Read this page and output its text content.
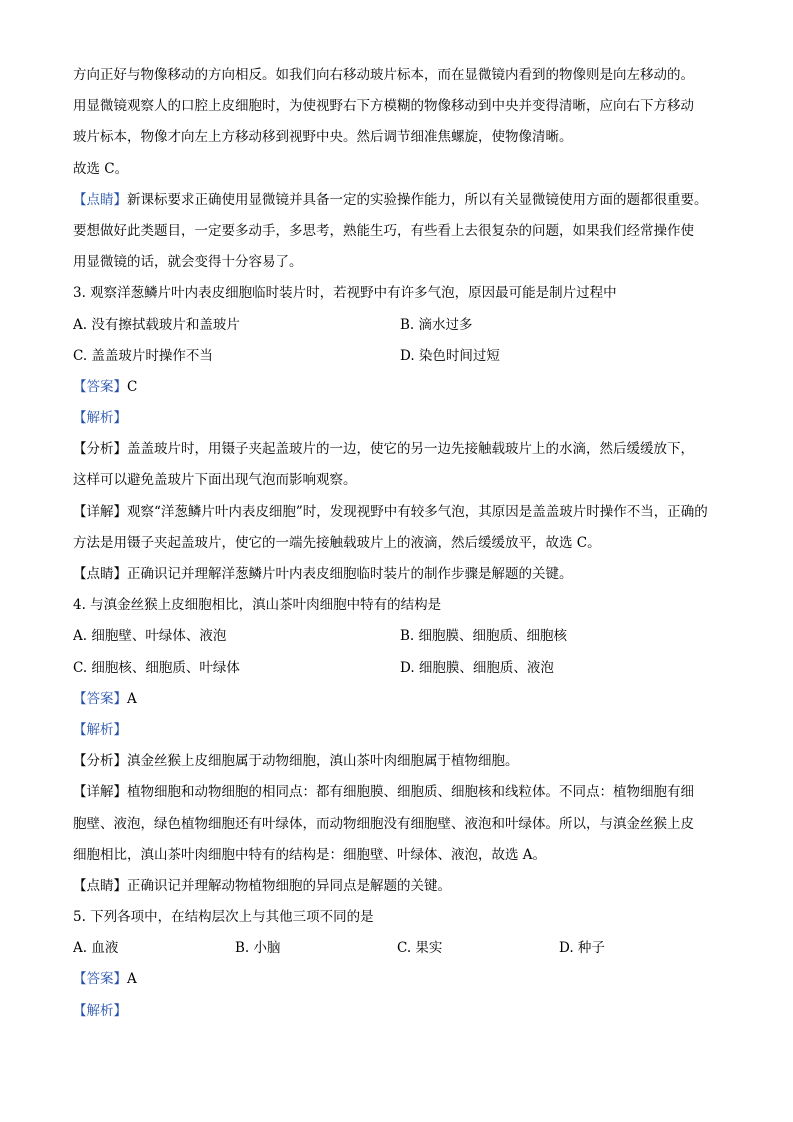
方向正好与物像移动的方向相反。如我们向右移动玻片标本，而在显微镜内看到的物像则是向左移动的。
用显微镜观察人的口腔上皮细胞时，为使视野右下方模糊的物像移动到中央并变得清晰，应向右下方移动
玻片标本，物像才向左上方移动移到视野中央。然后调节细准焦螺旋，使物像清晰。
故选 C。
【点睛】新课标要求正确使用显微镜并具备一定的实验操作能力，所以有关显微镜使用方面的题都很重要。
要想做好此类题目，一定要多动手，多思考，熟能生巧，有些看上去很复杂的问题，如果我们经常操作使
用显微镜的话，就会变得十分容易了。
3. 观察洋葱鳞片叶内表皮细胞临时装片时，若视野中有许多气泡，原因最可能是制片过程中
A. 没有擦拭载玻片和盖玻片	B. 滴水过多
C. 盖盖玻片时操作不当	D. 染色时间过短
【答案】C
【解析】
【分析】盖盖玻片时，用镊子夹起盖玻片的一边，使它的另一边先接触载玻片上的水滴，然后缓缓放下，
这样可以避免盖玻片下面出现气泡而影响观察。
【详解】观察“洋葱鳞片叶内表皮细胞”时，发现视野中有较多气泡，其原因是盖盖玻片时操作不当，正确的
方法是用镊子夹起盖玻片，使它的一端先接触载玻片上的液滴，然后缓缓放平，故选 C。
【点睛】正确识记并理解洋葱鳞片叶内表皮细胞临时装片的制作步骤是解题的关键。
4. 与滇金丝猴上皮细胞相比，滇山茶叶肉细胞中特有的结构是
A. 细胞壁、叶绿体、液泡	B. 细胞膜、细胞质、细胞核
C. 细胞核、细胞质、叶绿体	D. 细胞膜、细胞质、液泡
【答案】A
【解析】
【分析】滇金丝猴上皮细胞属于动物细胞，滇山茶叶肉细胞属于植物细胞。
【详解】植物细胞和动物细胞的相同点：都有细胞膜、细胞质、细胞核和线粒体。不同点：植物细胞有细
胞壁、液泡，绿色植物细胞还有叶绿体，而动物细胞没有细胞壁、液泡和叶绿体。所以，与滇金丝猴上皮
细胞相比，滇山茶叶肉细胞中特有的结构是：细胞壁、叶绿体、液泡，故选 A。
【点睛】正确识记并理解动物植物细胞的异同点是解题的关键。
5. 下列各项中，在结构层次上与其他三项不同的是
A. 血液	B. 小脑	C. 果实	D. 种子
【答案】A
【解析】
